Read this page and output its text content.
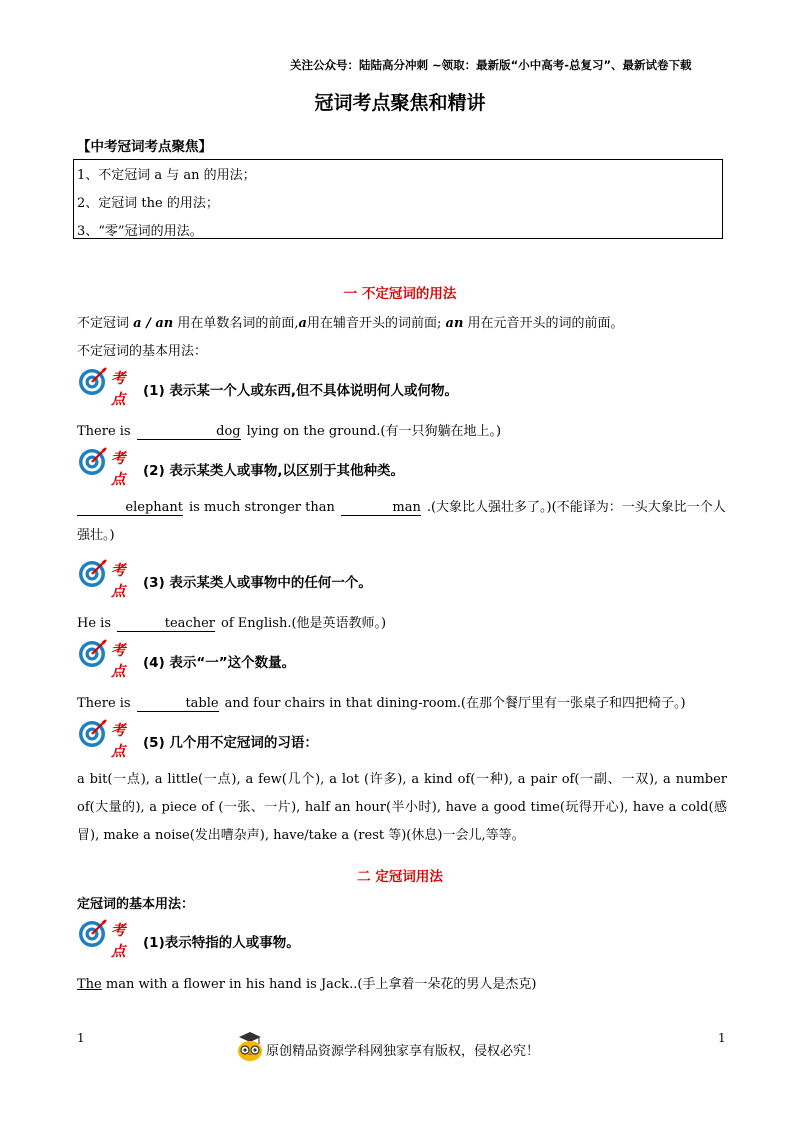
关注公众号：陆陆高分冲刺 ~领取：最新版“小中高考-总复习”、最新试卷下载
冠词考点聚焦和精讲
【中考冠词考点聚焦】
1、不定冠词 a 与 an 的用法；
2、定冠词 the 的用法；
3、“零”冠词的用法。
一 不定冠词的用法
不定冠词 a / an 用在单数名词的前面,a用在辅音开头的词前面; an 用在元音开头的词的前面。
不定冠词的基本用法：
考点 (1) 表示某一个人或东西,但不具体说明何人或何物。
There is	dog lying on the ground.(有一只狗躺在地上。)
考点 (2) 表示某类人或事物,以区别于其他种类。
elephant is much stronger than	man .(大象比人强壮多了。)(不能译为：一头大象比一个人强壮。)
考点 (3) 表示某类人或事物中的任何一个。
He is	teacher of English.(他是英语教师。)
考点 (4) 表示“一”这个数量。
There is	table and four chairs in that dining-room.(在那个餐厅里有一张桌子和四把椅子。)
考点 (5) 几个用不定冠词的习语：
a bit(一点), a little(一点), a few(几个), a lot (许多), a kind of(一种), a pair of(一副、一双), a number of(大量的), a piece of (一张、一片), half an hour(半小时), have a good time(玩得开心), have a cold(感冒), make a noise(发出嘈杂声), have/take a (rest 等)(休息)一会儿,等等。
二 定冠词用法
定冠词的基本用法：
考点 (1)表示特指的人或事物。
The man with a flower in his hand is Jack..(手上拿着一朵花的男人是杰克)
1	1
原创精品资源学科网独家享有版权，侵权必究！
